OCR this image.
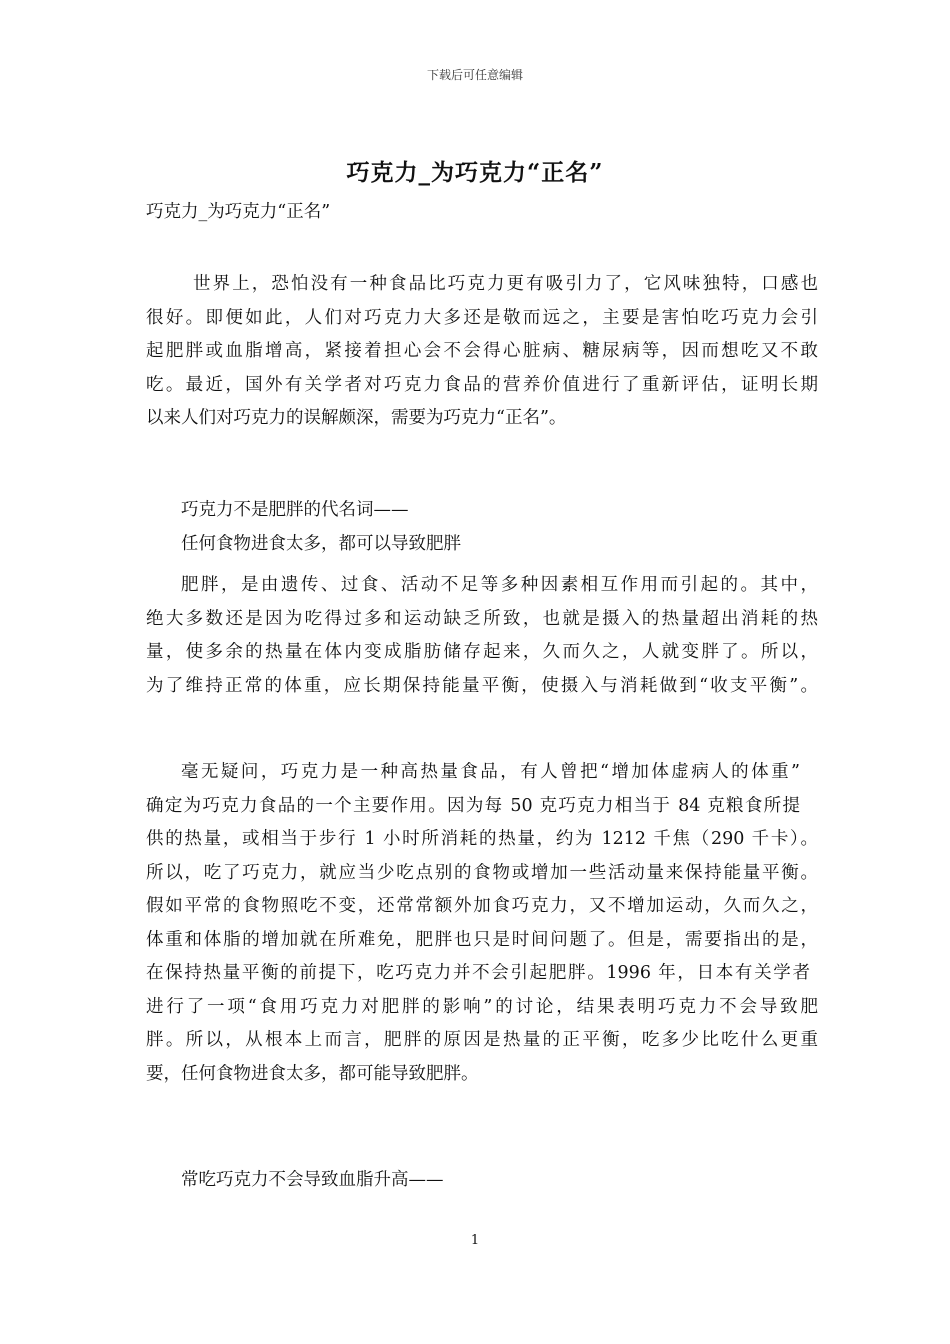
下载后可任意编辑
巧克力_为巧克力“正名”
巧克力_为巧克力“正名”
世界上，恐怕没有一种食品比巧克力更有吸引力了，它风味独特，口感也
很好。即便如此，人们对巧克力大多还是敬而远之，主要是害怕吃巧克力会引
起肥胖或血脂增高，紧接着担心会不会得心脏病、糖尿病等，因而想吃又不敢
吃。最近，国外有关学者对巧克力食品的营养价值进行了重新评估，证明长期
以来人们对巧克力的误解颇深，需要为巧克力“正名”。
巧克力不是肥胖的代名词——
任何食物进食太多，都可以导致肥胖
肥胖，是由遗传、过食、活动不足等多种因素相互作用而引起的。其中，
绝大多数还是因为吃得过多和运动缺乏所致，也就是摄入的热量超出消耗的热
量，使多余的热量在体内变成脂肪储存起来，久而久之，人就变胖了。所以，
为了维持正常的体重，应长期保持能量平衡，使摄入与消耗做到“收支平衡”。
毫无疑问，巧克力是一种高热量食品，有人曾把“增加体虚病人的体重”
确定为巧克力食品的一个主要作用。因为每 50 克巧克力相当于 84 克粮食所提
供的热量，或相当于步行 1 小时所消耗的热量，约为 1212 千焦（290 千卡）。
所以，吃了巧克力，就应当少吃点别的食物或增加一些活动量来保持能量平衡。
假如平常的食物照吃不变，还常常额外加食巧克力，又不增加运动，久而久之，
体重和体脂的增加就在所难免，肥胖也只是时间问题了。但是，需要指出的是，
在保持热量平衡的前提下，吃巧克力并不会引起肥胖。1996 年，日本有关学者
进行了一项“食用巧克力对肥胖的影响”的讨论，结果表明巧克力不会导致肥
胖。所以，从根本上而言，肥胖的原因是热量的正平衡，吃多少比吃什么更重
要，任何食物进食太多，都可能导致肥胖。
常吃巧克力不会导致血脂升高——
1
